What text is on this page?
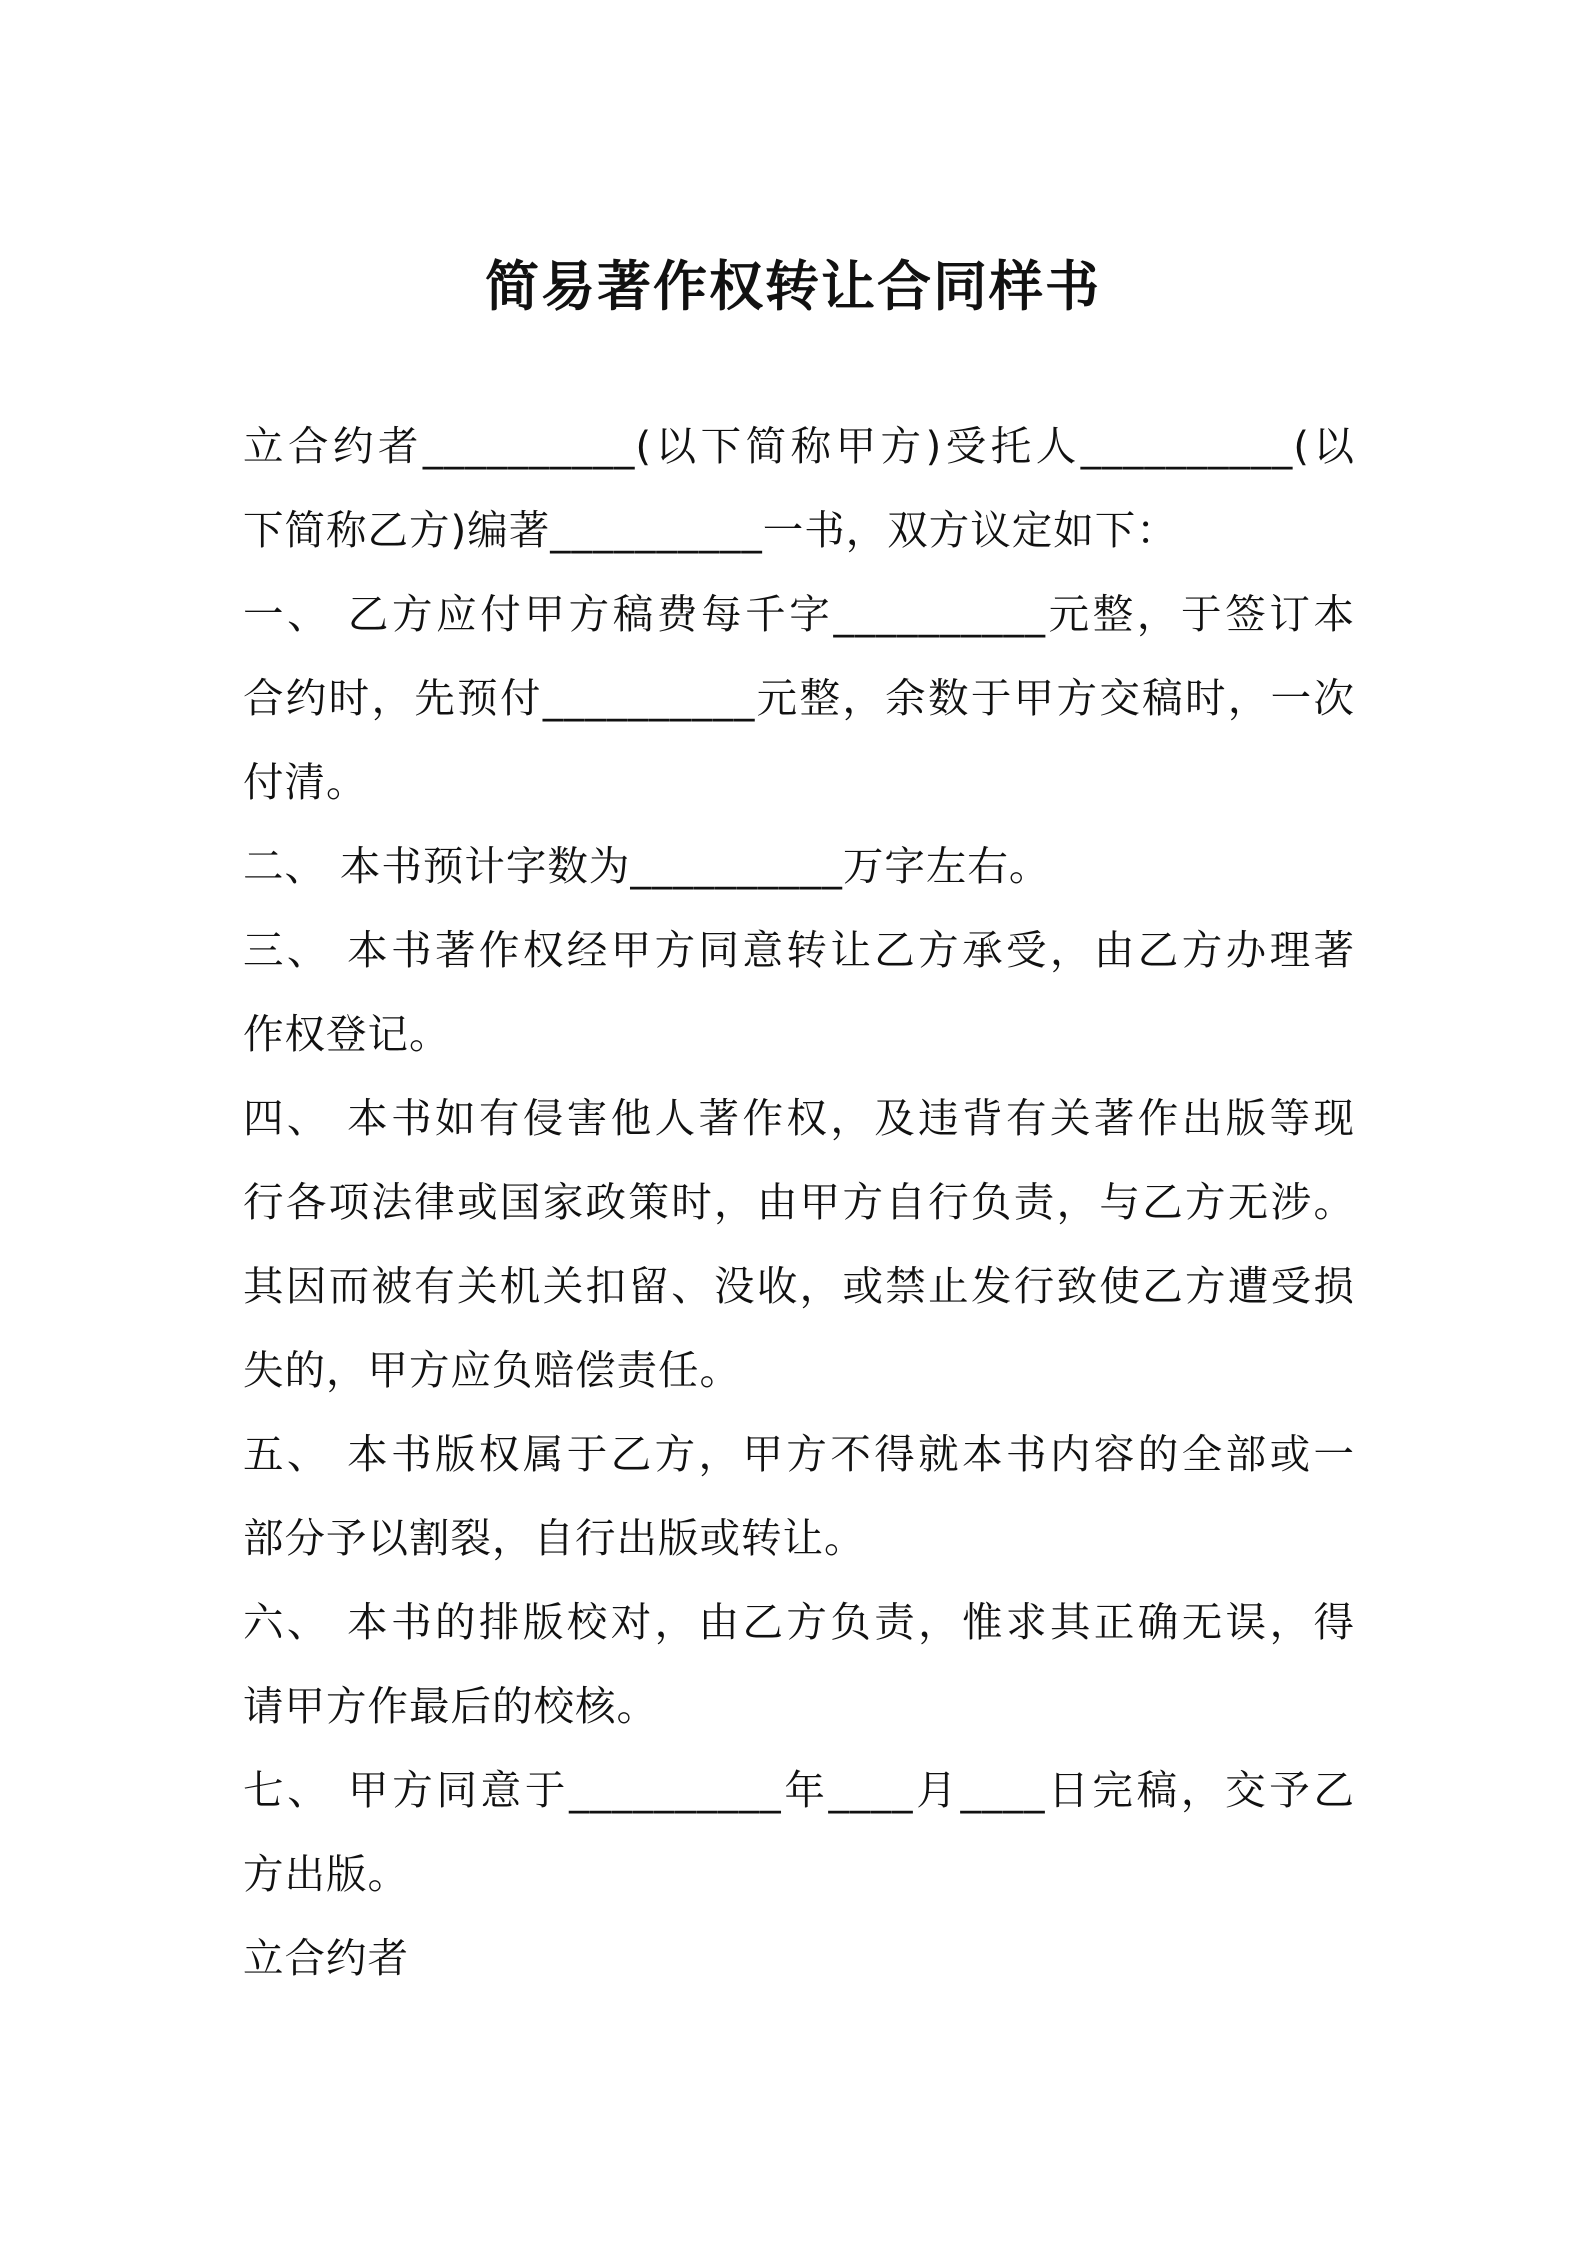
简易著作权转让合同样书
立合约者__________(以下简称甲方)受托人__________(以
下简称乙方)编著__________一书，双方议定如下：
一、 乙方应付甲方稿费每千字__________元整，于签订本
合约时，先预付__________元整，余数于甲方交稿时，一次
付清。
二、 本书预计字数为__________万字左右。
三、 本书著作权经甲方同意转让乙方承受，由乙方办理著
作权登记。
四、 本书如有侵害他人著作权，及违背有关著作出版等现
行各项法律或国家政策时，由甲方自行负责，与乙方无涉。
其因而被有关机关扣留、没收，或禁止发行致使乙方遭受损
失的，甲方应负赔偿责任。
五、 本书版权属于乙方，甲方不得就本书内容的全部或一
部分予以割裂，自行出版或转让。
六、 本书的排版校对，由乙方负责，惟求其正确无误，得
请甲方作最后的校核。
七、 甲方同意于__________年____月____日完稿，交予乙
方出版。
立合约者
